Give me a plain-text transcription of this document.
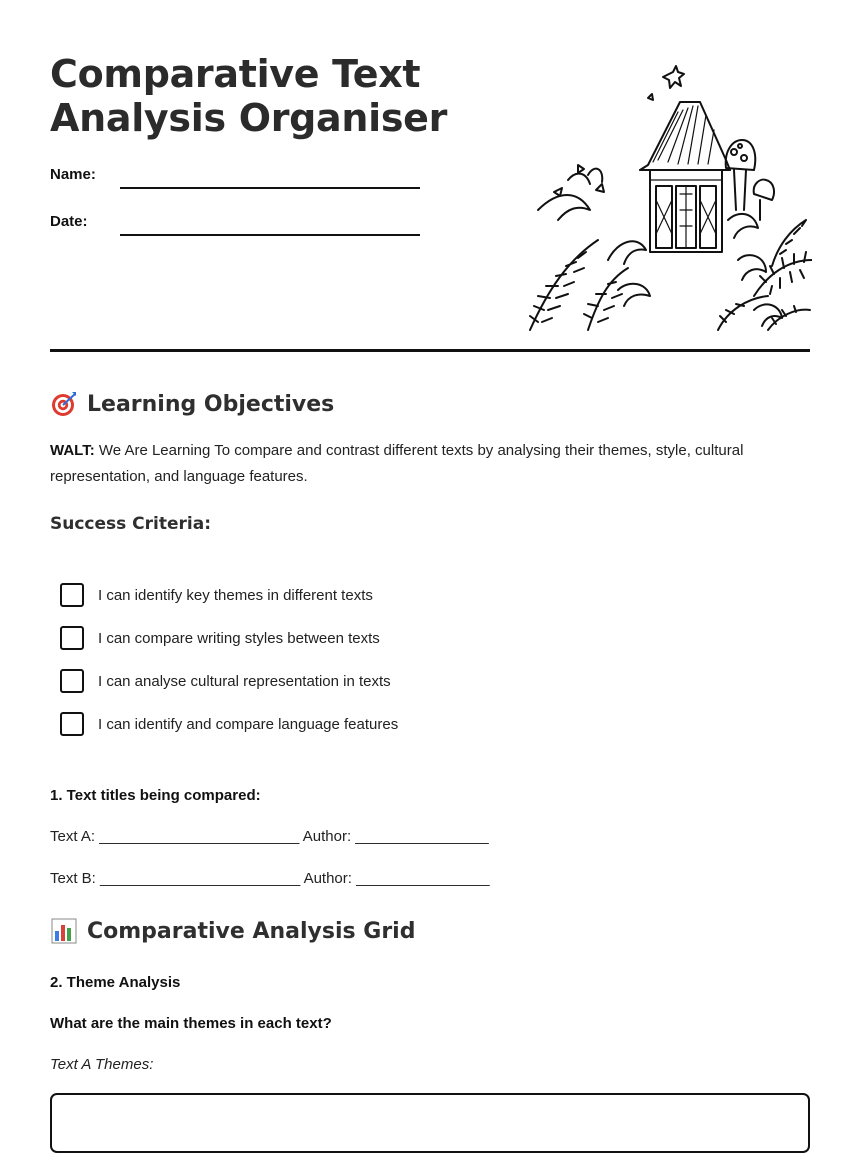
Comparative Text
Analysis Organiser
Name:
Date:
Learning Objectives
WALT: We Are Learning To compare and contrast different texts by analysing their themes, style, cultural representation, and language features.
Success Criteria:
I can identify key themes in different texts
I can compare writing styles between texts
I can analyse cultural representation in texts
I can identify and compare language features
1. Text titles being compared:
Text A: ________________________ Author: ________________
Text B: ________________________ Author: ________________
Comparative Analysis Grid
2. Theme Analysis
What are the main themes in each text?
Text A Themes:
